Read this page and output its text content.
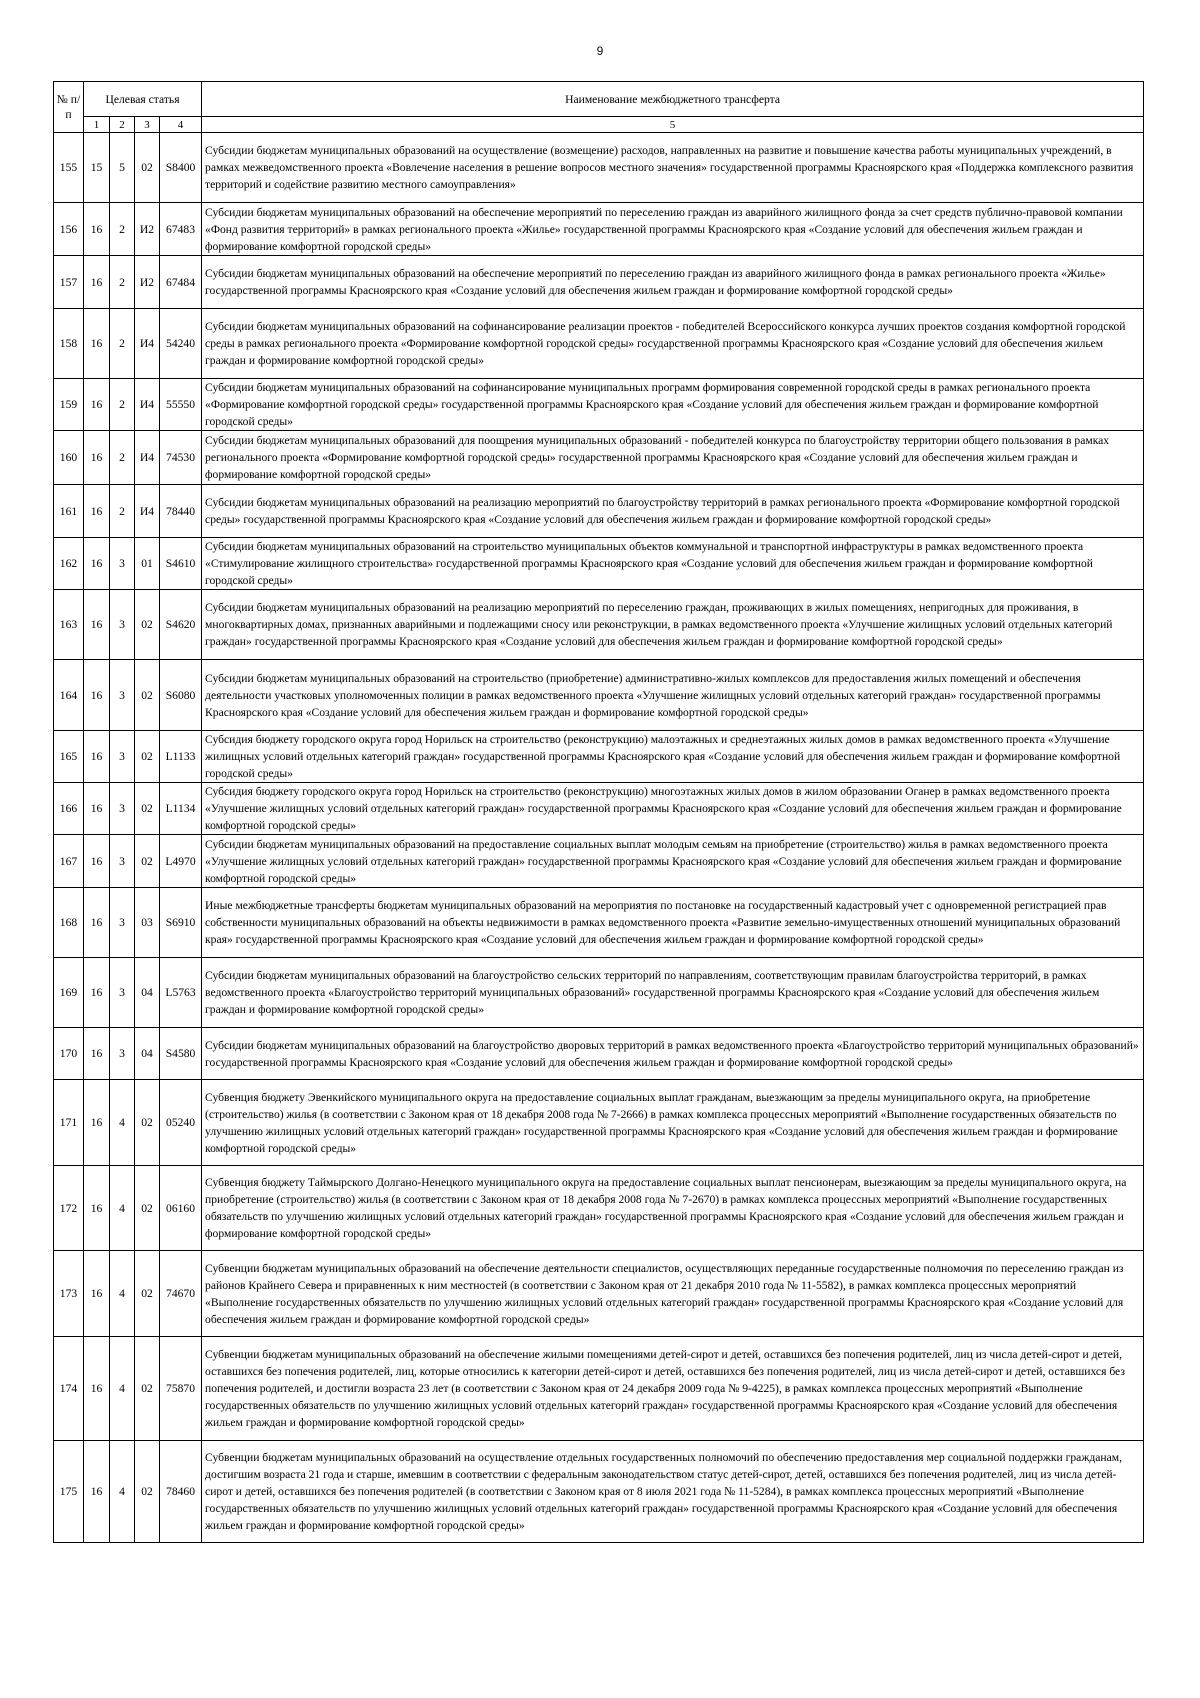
9
№ п/п	Целевая статья				Наименование межбюджетного трансферта
	1	2	3	4	5
155	15	5	02	S8400	Субсидии бюджетам муниципальных образований на осуществление (возмещение) расходов, направленных на развитие и повышение качества работы муниципальных учреждений, в рамках межведомственного проекта «Вовлечение населения в решение вопросов местного значения» государственной программы Красноярского края «Поддержка комплексного развития территорий и содействие развитию местного самоуправления»
156	16	2	И2	67483	Субсидии бюджетам муниципальных образований на обеспечение мероприятий по переселению граждан из аварийного жилищного фонда за счет средств публично-правовой компании «Фонд развития территорий» в рамках регионального проекта «Жилье» государственной программы Красноярского края «Создание условий для обеспечения жильем граждан и формирование комфортной городской среды»
157	16	2	И2	67484	Субсидии бюджетам муниципальных образований на обеспечение мероприятий по переселению граждан из аварийного жилищного фонда в рамках регионального проекта «Жилье» государственной программы Красноярского края «Создание условий для обеспечения жильем граждан и формирование комфортной городской среды»
158	16	2	И4	54240	Субсидии бюджетам муниципальных образований на софинансирование реализации проектов - победителей Всероссийского конкурса лучших проектов создания комфортной городской среды в рамках регионального проекта «Формирование комфортной городской среды» государственной программы Красноярского края «Создание условий для обеспечения жильем граждан и формирование комфортной городской среды»
159	16	2	И4	55550	Субсидии бюджетам муниципальных образований на софинансирование муниципальных программ формирования современной городской среды в рамках регионального проекта «Формирование комфортной городской среды» государственной программы Красноярского края «Создание условий для обеспечения жильем граждан и формирование комфортной городской среды»
160	16	2	И4	74530	Субсидии бюджетам муниципальных образований для поощрения муниципальных образований - победителей конкурса по благоустройству территории общего пользования в рамках регионального проекта «Формирование комфортной городской среды» государственной программы Красноярского края «Создание условий для обеспечения жильем граждан и формирование комфортной городской среды»
161	16	2	И4	78440	Субсидии бюджетам муниципальных образований на реализацию мероприятий по благоустройству территорий в рамках регионального проекта «Формирование комфортной городской среды» государственной программы Красноярского края «Создание условий для обеспечения жильем граждан и формирование комфортной городской среды»
162	16	3	01	S4610	Субсидии бюджетам муниципальных образований на строительство муниципальных объектов коммунальной и транспортной инфраструктуры в рамках ведомственного проекта «Стимулирование жилищного строительства» государственной программы Красноярского края «Создание условий для обеспечения жильем граждан и формирование комфортной городской среды»
163	16	3	02	S4620	Субсидии бюджетам муниципальных образований на реализацию мероприятий по переселению граждан, проживающих в жилых помещениях, непригодных для проживания, в многоквартирных домах, признанных аварийными и подлежащими сносу или реконструкции, в рамках ведомственного проекта «Улучшение жилищных условий отдельных категорий граждан» государственной программы Красноярского края «Создание условий для обеспечения жильем граждан и формирование комфортной городской среды»
164	16	3	02	S6080	Субсидии бюджетам муниципальных образований на строительство (приобретение) административно-жилых комплексов для предоставления жилых помещений и обеспечения деятельности участковых уполномоченных полиции в рамках ведомственного проекта «Улучшение жилищных условий отдельных категорий граждан» государственной программы Красноярского края «Создание условий для обеспечения жильем граждан и формирование комфортной городской среды»
165	16	3	02	L1133	Субсидия бюджету городского округа город Норильск на строительство (реконструкцию) малоэтажных и среднеэтажных жилых домов в рамках ведомственного проекта «Улучшение жилищных условий отдельных категорий граждан» государственной программы Красноярского края «Создание условий для обеспечения жильем граждан и формирование комфортной городской среды»
166	16	3	02	L1134	Субсидия бюджету городского округа город Норильск на строительство (реконструкцию) многоэтажных жилых домов в жилом образовании Оганер в рамках ведомственного проекта «Улучшение жилищных условий отдельных категорий граждан» государственной программы Красноярского края «Создание условий для обеспечения жильем граждан и формирование комфортной городской среды»
167	16	3	02	L4970	Субсидии бюджетам муниципальных образований на предоставление социальных выплат молодым семьям на приобретение (строительство) жилья в рамках ведомственного проекта «Улучшение жилищных условий отдельных категорий граждан» государственной программы Красноярского края «Создание условий для обеспечения жильем граждан и формирование комфортной городской среды»
168	16	3	03	S6910	Иные межбюджетные трансферты бюджетам муниципальных образований на мероприятия по постановке на государственный кадастровый учет с одновременной регистрацией прав собственности муниципальных образований на объекты недвижимости в рамках ведомственного проекта «Развитие земельно-имущественных отношений муниципальных образований края» государственной программы Красноярского края «Создание условий для обеспечения жильем граждан и формирование комфортной городской среды»
169	16	3	04	L5763	Субсидии бюджетам муниципальных образований на благоустройство сельских территорий по направлениям, соответствующим правилам благоустройства территорий, в рамках ведомственного проекта «Благоустройство территорий муниципальных образований» государственной программы Красноярского края «Создание условий для обеспечения жильем граждан и формирование комфортной городской среды»
170	16	3	04	S4580	Субсидии бюджетам муниципальных образований на благоустройство дворовых территорий в рамках ведомственного проекта «Благоустройство территорий муниципальных образований» государственной программы Красноярского края «Создание условий для обеспечения жильем граждан и формирование комфортной городской среды»
171	16	4	02	05240	Субвенция бюджету Эвенкийского муниципального округа на предоставление социальных выплат гражданам, выезжающим за пределы муниципального округа, на приобретение (строительство) жилья (в соответствии с Законом края от 18 декабря 2008 года № 7-2666) в рамках комплекса процессных мероприятий «Выполнение государственных обязательств по улучшению жилищных условий отдельных категорий граждан» государственной программы Красноярского края «Создание условий для обеспечения жильем граждан и формирование комфортной городской среды»
172	16	4	02	06160	Субвенция бюджету Таймырского Долгано-Ненецкого муниципального округа на предоставление социальных выплат пенсионерам, выезжающим за пределы муниципального округа, на приобретение (строительство) жилья (в соответствии с Законом края от 18 декабря 2008 года № 7-2670) в рамках комплекса процессных мероприятий «Выполнение государственных обязательств по улучшению жилищных условий отдельных категорий граждан» государственной программы Красноярского края «Создание условий для обеспечения жильем граждан и формирование комфортной городской среды»
173	16	4	02	74670	Субвенции бюджетам муниципальных образований на обеспечение деятельности специалистов, осуществляющих переданные государственные полномочия по переселению граждан из районов Крайнего Севера и приравненных к ним местностей (в соответствии с Законом края от 21 декабря 2010 года № 11-5582), в рамках комплекса процессных мероприятий «Выполнение государственных обязательств по улучшению жилищных условий отдельных категорий граждан» государственной программы Красноярского края «Создание условий для обеспечения жильем граждан и формирование комфортной городской среды»
174	16	4	02	75870	Субвенции бюджетам муниципальных образований на обеспечение жилыми помещениями детей-сирот и детей, оставшихся без попечения родителей, лиц из числа детей-сирот и детей, оставшихся без попечения родителей, лиц, которые относились к категории детей-сирот и детей, оставшихся без попечения родителей, лиц из числа детей-сирот и детей, оставшихся без попечения родителей, и достигли возраста 23 лет (в соответствии с Законом края от 24 декабря 2009 года № 9-4225), в рамках комплекса процессных мероприятий «Выполнение государственных обязательств по улучшению жилищных условий отдельных категорий граждан» государственной программы Красноярского края «Создание условий для обеспечения жильем граждан и формирование комфортной городской среды»
175	16	4	02	78460	Субвенции бюджетам муниципальных образований на осуществление отдельных государственных полномочий по обеспечению предоставления мер социальной поддержки гражданам, достигшим возраста 21 года и старше, имевшим в соответствии с федеральным законодательством статус детей-сирот, детей, оставшихся без попечения родителей, лиц из числа детей-сирот и детей, оставшихся без попечения родителей (в соответствии с Законом края от 8 июля 2021 года № 11-5284), в рамках комплекса процессных мероприятий «Выполнение государственных обязательств по улучшению жилищных условий отдельных категорий граждан» государственной программы Красноярского края «Создание условий для обеспечения жильем граждан и формирование комфортной городской среды»
